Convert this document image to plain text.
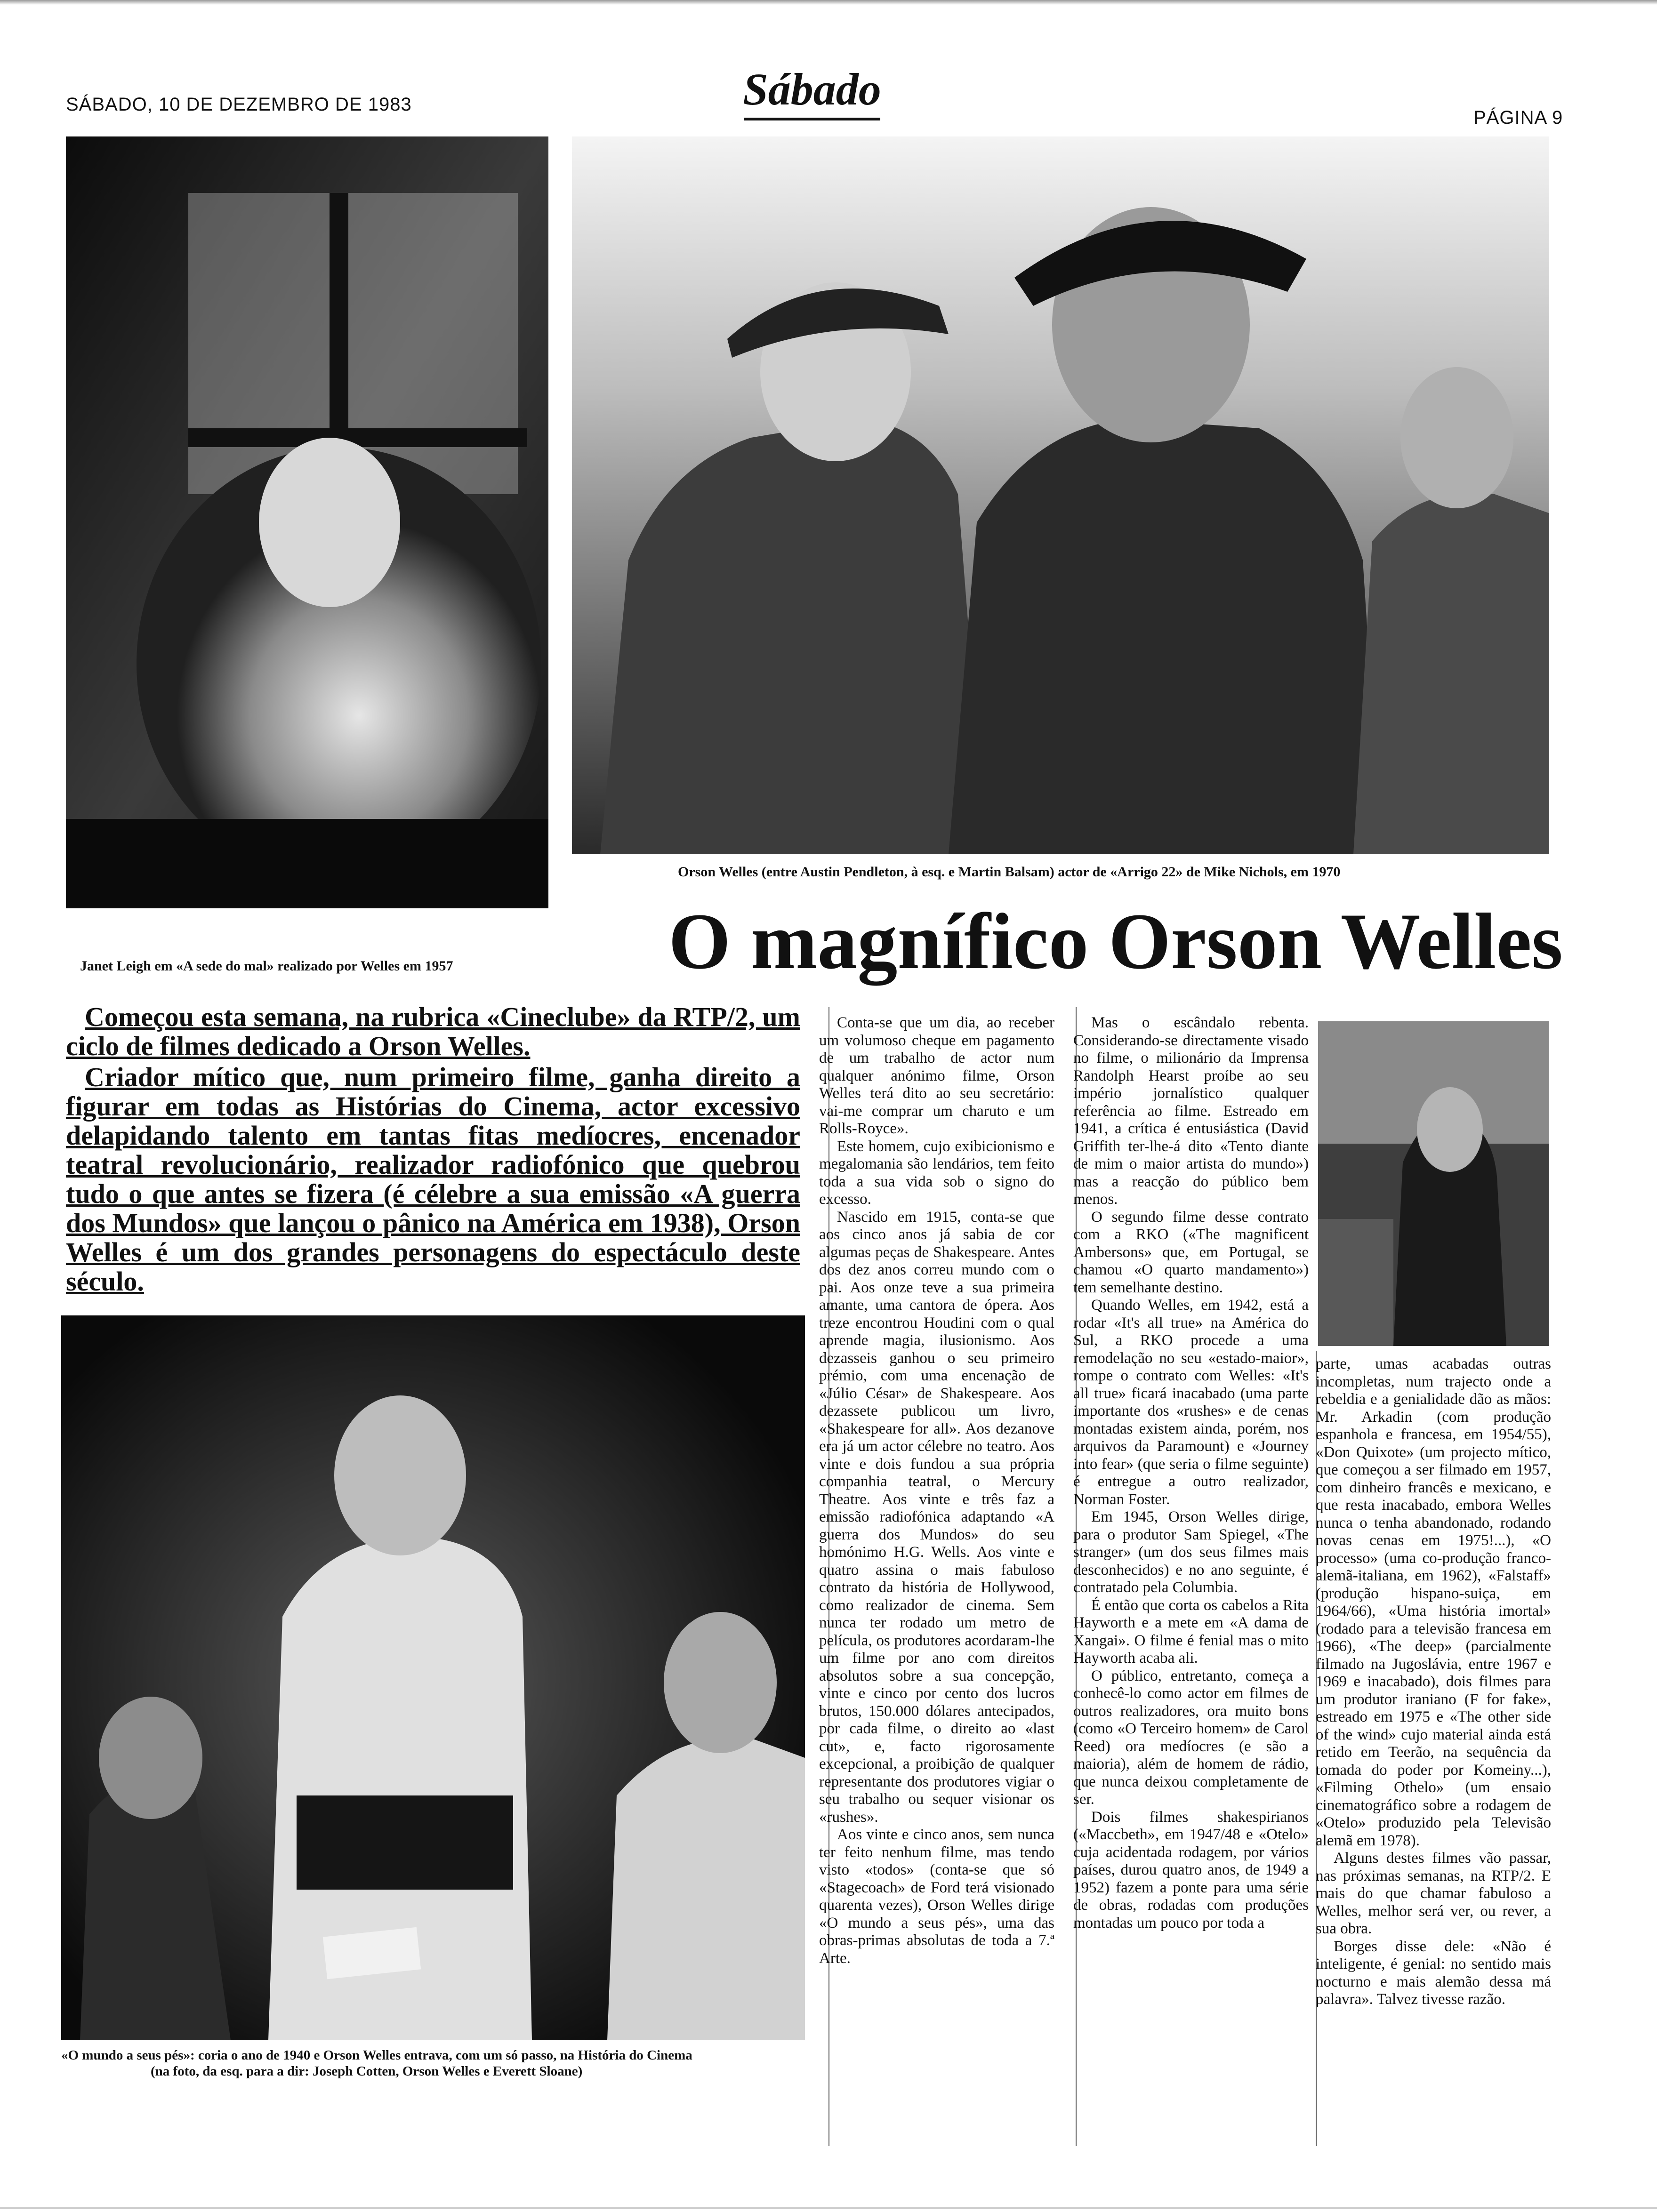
SÁBADO, 10 DE DEZEMBRO DE 1983	Sábado
PÁGINA 9
Janet Leigh em «A sede do mal» realizado por Welles em 1957
Orson Welles (entre Austin Pendleton, à esq. e Martin Balsam) actor de «Arrigo 22» de Mike Nichols, em 1970
O magnífico Orson Welles

Começou esta semana, na rubrica «Cineclube» da RTP/2, um ciclo de filmes dedicado a Orson Welles.

Criador mítico que, num primeiro filme, ganha direito a figurar em todas as Histórias do Cinema, actor excessivo delapidando talento em tantas fitas medíocres, encenador teatral revolucionário, realizador radiofónico que quebrou tudo o que antes se fizera (é célebre a sua emissão «A guerra dos Mundos» que lançou o pânico na América em 1938), Orson Welles é um dos grandes personagens do espectáculo deste século.

«O mundo a seus pés»: coria o ano de 1940 e Orson Welles entrava, com um só passo, na História do Cinema
(na foto, da esq. para a dir: Joseph Cotten, Orson Welles e Everett Sloane)

Conta-se que um dia, ao receber um volumoso cheque em pagamento de um trabalho de actor num qualquer anónimo filme, Orson Welles terá dito ao seu secretário: vai-me comprar um charuto e um Rolls-Royce».

Este homem, cujo exibicionismo e megalomania são lendários, tem feito toda a sua vida sob o signo do excesso.

Nascido em 1915, conta-se que aos cinco anos já sabia de cor algumas peças de Shakespeare. Antes dos dez anos correu mundo com o pai. Aos onze teve a sua primeira amante, uma cantora de ópera. Aos treze encontrou Houdini com o qual aprende magia, ilusionismo. Aos dezasseis ganhou o seu primeiro prémio, com uma encenação de «Júlio César» de Shakespeare. Aos dezassete publicou um livro, «Shakespeare for all». Aos dezanove era já um actor célebre no teatro. Aos vinte e dois fundou a sua própria companhia teatral, o Mercury Theatre. Aos vinte e três faz a emissão radiofónica adaptando «A guerra dos Mundos» do seu homónimo H.G. Wells. Aos vinte e quatro assina o mais fabuloso contrato da história de Hollywood, como realizador de cinema. Sem nunca ter rodado um metro de película, os produtores acordaram-lhe um filme por ano com direitos absolutos sobre a sua concepção, vinte e cinco por cento dos lucros brutos, 150.000 dólares antecipados, por cada filme, o direito ao «last cut», e, facto rigorosamente excepcional, a proibição de qualquer representante dos produtores vigiar o seu trabalho ou sequer visionar os «rushes».

Aos vinte e cinco anos, sem nunca ter feito nenhum filme, mas tendo visto «todos» (conta-se que só «Stagecoach» de Ford terá visionado quarenta vezes), Orson Welles dirige «O mundo a seus pés», uma das obras-primas absolutas de toda a 7.ª Arte.

Mas o escândalo rebenta. Considerando-se directamente visado no filme, o milionário da Imprensa Randolph Hearst proíbe ao seu império jornalístico qualquer referência ao filme. Estreado em 1941, a crítica é entusiástica (David Griffith ter-lhe-á dito «Tento diante de mim o maior artista do mundo») mas a reacção do público bem menos.

O segundo filme desse contrato com a RKO («The magnificent Ambersons» que, em Portugal, se chamou «O quarto mandamento») tem semelhante destino.

Quando Welles, em 1942, está a rodar «It's all true» na América do Sul, a RKO procede a uma remodelação no seu «estado-maior», rompe o contrato com Welles: «It's all true» ficará inacabado (uma parte importante dos «rushes» e de cenas montadas existem ainda, porém, nos arquivos da Paramount) e «Journey into fear» (que seria o filme seguinte) é entregue a outro realizador, Norman Foster.

Em 1945, Orson Welles dirige, para o produtor Sam Spiegel, «The stranger» (um dos seus filmes mais desconhecidos) e no ano seguinte, é contratado pela Columbia.

É então que corta os cabelos a Rita Hayworth e a mete em «A dama de Xangai». O filme é fenial mas o mito Hayworth acaba ali.

O público, entretanto, começa a conhecê-lo como actor em filmes de outros realizadores, ora muito bons (como «O Terceiro homem» de Carol Reed) ora medíocres (e são a maioria), além de homem de rádio, que nunca deixou completamente de ser.

Dois filmes shakespirianos («Maccbeth», em 1947/48 e «Otelo» cuja acidentada rodagem, por vários países, durou quatro anos, de 1949 a 1952) fazem a ponte para uma série de obras, rodadas com produções montadas um pouco por toda a

parte, umas acabadas outras incompletas, num trajecto onde a rebeldia e a genialidade dão as mãos: Mr. Arkadin (com produção espanhola e francesa, em 1954/55), «Don Quixote» (um projecto mítico, que começou a ser filmado em 1957, com dinheiro francês e mexicano, e que resta inacabado, embora Welles nunca o tenha abandonado, rodando novas cenas em 1975!...), «O processo» (uma co-produção franco-alemã-italiana, em 1962), «Falstaff» (produção hispano-suiça, em 1964/66), «Uma história imortal» (rodado para a televisão francesa em 1966), «The deep» (parcialmente filmado na Jugoslávia, entre 1967 e 1969 e inacabado), dois filmes para um produtor iraniano (F for fake», estreado em 1975 e «The other side of the wind» cujo material ainda está retido em Teerão, na sequência da tomada do poder por Komeiny...), «Filming Othelo» (um ensaio cinematográfico sobre a rodagem de «Otelo» produzido pela Televisão alemã em 1978).

Alguns destes filmes vão passar, nas próximas semanas, na RTP/2. E mais do que chamar fabuloso a Welles, melhor será ver, ou rever, a sua obra.

Borges disse dele: «Não é inteligente, é genial: no sentido mais nocturno e mais alemão dessa má palavra». Talvez tivesse razão.
